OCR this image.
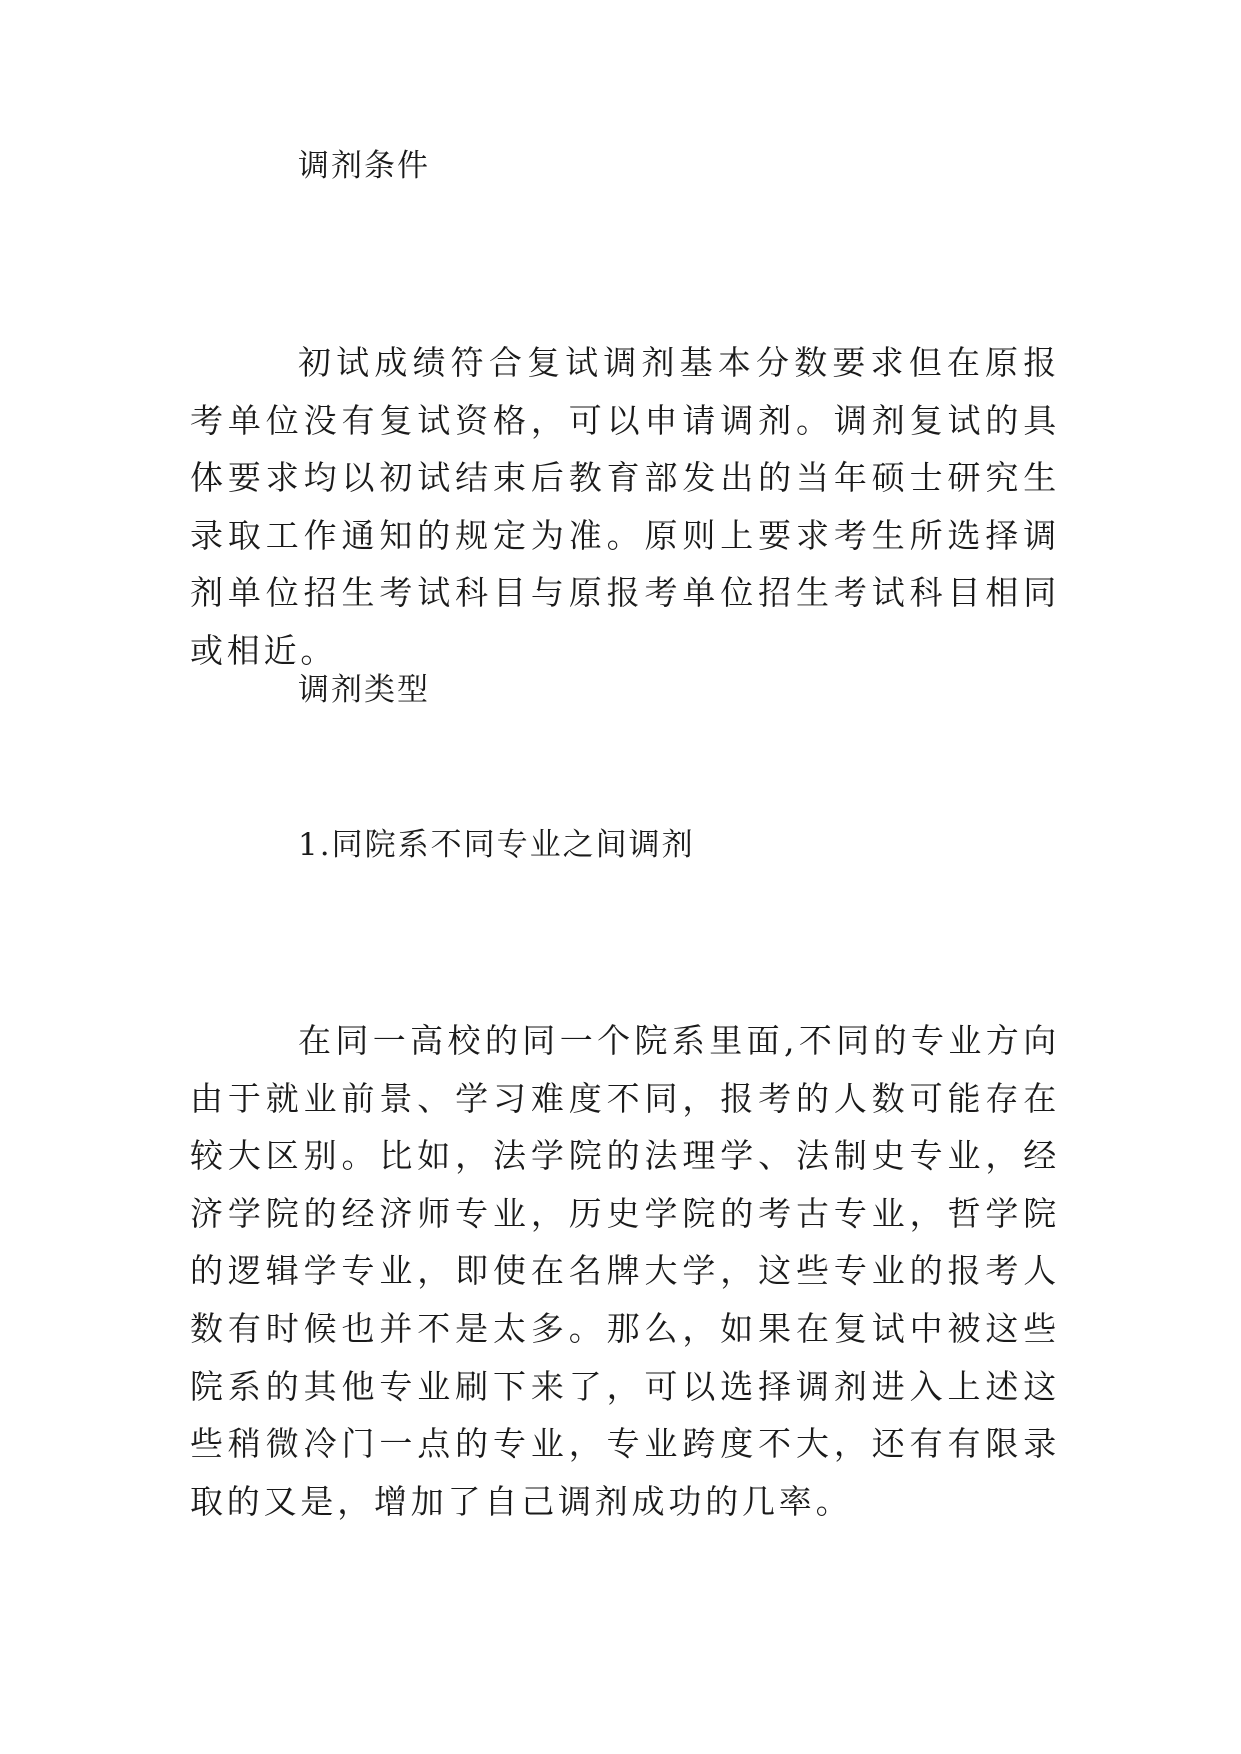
调剂条件

初试成绩符合复试调剂基本分数要求但在原报考单位没有复试资格，可以申请调剂。调剂复试的具体要求均以初试结束后教育部发出的当年硕士研究生录取工作通知的规定为准。原则上要求考生所选择调剂单位招生考试科目与原报考单位招生考试科目相同或相近。

调剂类型
1.同院系不同专业之间调剂

在同一高校的同一个院系里面,不同的专业方向由于就业前景、学习难度不同，报考的人数可能存在较大区别。比如，法学院的法理学、法制史专业，经济学院的经济师专业，历史学院的考古专业，哲学院的逻辑学专业，即使在名牌大学，这些专业的报考人数有时候也并不是太多。那么，如果在复试中被这些院系的其他专业刷下来了，可以选择调剂进入上述这些稍微冷门一点的专业，专业跨度不大，还有有限录取的又是，增加了自己调剂成功的几率。
